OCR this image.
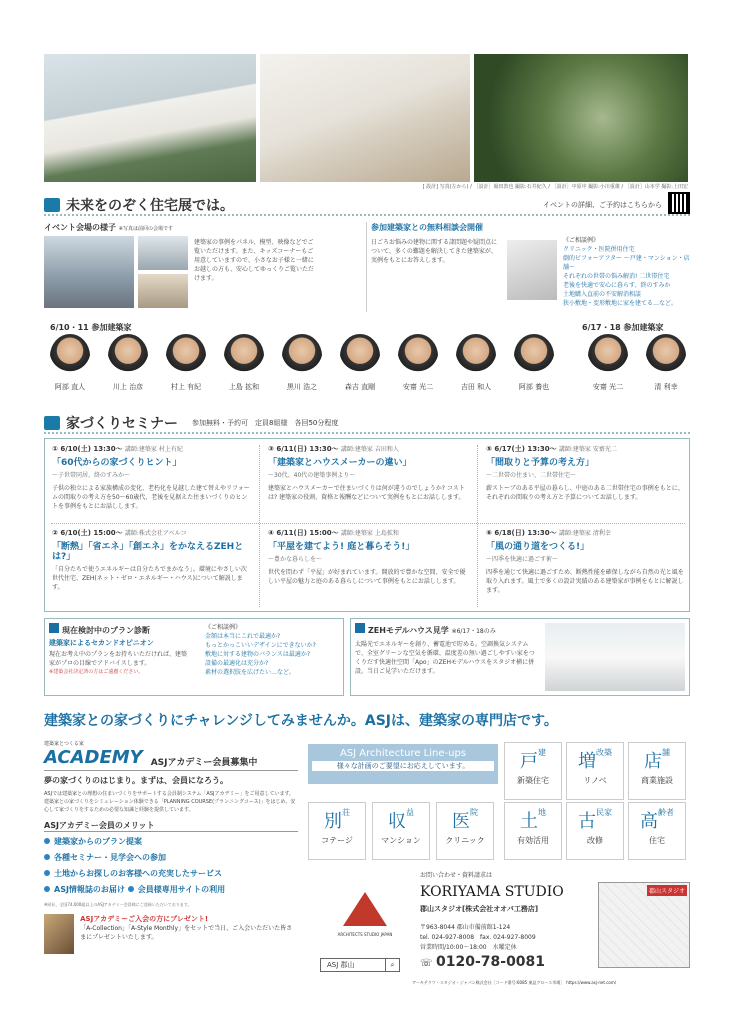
[ 設計] 写真(左から) / ［設計］堀田敦也 撮影:石井紀久 / ［設計］中原中 撮影:小川重雄 / ［設計］山本学 撮影:上田宏
未来をのぞく住宅展では。	イベントの詳細、ご予約はこちらから
イベント会場の様子 ※写真は前回の会場です
建築家の事例をパネル、模型、映像などでご覧いただけます。また、キッズコーナーもご用意していますので、小さなお子様と一緒にお越しの方も、安心してゆっくりご覧いただけます。
参加建築家との無料相談会開催
日ごろお悩みの建物に関する諸問題や疑問点について、多くの難題を解決してきた建築家が、実例をもとにお答えします。
《ご相談例》
クリニック・医院併用住宅
劇的ビフォーアフター 〜戸建・マンション・店舗〜
それぞれの世帯の悩み解消! 二世帯住宅
老後を快適で安心に暮らす、終のすみか
土地購入直前の不安解消相談
狭小敷地・変形敷地に家を建てる…など。
6/10・11 参加建築家	6/17・18 参加建築家
阿部 直人	川上 治彦	村上 有紀	上島 拡和	黒川 浩之	森吉 直剛	安齋 光二	吉田 和人	阿部 養也	安齋 光二	清 利幸
家づくりセミナー 参加無料・予約可　定員8組様　各回50分程度
① 6/10(土) 13:30〜 講師:建築家 村上有紀
「60代からの家づくりヒント」
〜子世帯同居、終のすみか〜
子供の独立による家族構成の変化、老朽化を見越した建て替えやリフォームの間取りの考え方を50〜60歳代、老後を見据えた住まいづくりのヒントを事例をもとにお話しします。
③ 6/11(日) 13:30〜 講師:建築家 吉田和人
「建築家とハウスメーカーの違い」
〜30代、40代の建築事例より〜
建築家とハウスメーカーで住まいづくりは何が違うのでしょうか? コストは? 建築家の役割、資格と報酬などについて実例をもとにお話しします。
⑤ 6/17(土) 13:30〜 講師:建築家 安齋光二
「間取りと予算の考え方」
〜二世帯の住まい、二世帯住宅〜
薪ストーブのある平屋の暮らし、中庭のある二世帯住宅の事例をもとに、それぞれの間取りの考え方と予算についてお話しします。
② 6/10(土) 15:00〜 講師:株式会社アベルコ
「断熱」「省エネ」「創エネ」をかなえるZEHとは?」
「自分たちで使うエネルギーは自分たちでまかなう」。環境にやさしい次世代住宅、ZEH(ネット・ゼロ・エネルギー・ハウス)について解説します。
④ 6/11(日) 15:00〜 講師:建築家 上島拡和
「平屋を建てよう! 庭と暮らそう!」
〜豊かな暮らしを〜
世代を問わず「平屋」が好まれています。開放的で豊かな空間、安全で優しい平屋の魅力と庭のある暮らしについて事例をもとにお話しします。
⑥ 6/18(日) 13:30〜 講師:建築家 清利幸
「風の通り道をつくる!」
〜四季を快適に過ごす術〜
四季を通じて快適に過ごすため、断熱性能を確保しながら自然の光と風を取り入れます。風土で多くの設計実績のある建築家が事例をもとに解説します。
現在検討中のプラン診断
建築家によるセカンドオピニオン
現在お考え中のプランをお持ちいただければ、建築家がプロの目線でアドバイスします。
※建築会社決定済の方はご遠慮ください。
《ご相談例》
金額は本当にこれで最適か?
もっとかっこいいデザインにできないか?
敷地に対する建物のバランスは最適か?
設備の最適化は充分か?
素材の選択肢を広げたい…など。
ZEHモデルハウス見学 ※6/17・18のみ
太陽光でエネルギーを創り、蓄電池で貯める。空調換気システムで、全室グリーンな空気を循環、温度差の無い過ごしやすい家をつくりだす快適住空間「Apo」のZEHモデルハウスをスタジオ横に併設。当日ご見学いただけます。
建築家との家づくりにチャレンジしてみませんか。ASJは、建築家の専門店です。
建築家とつくる家
ACADEMY ASJアカデミー会員募集中
夢の家づくりのはじまり。まずは、会員になろう。
ASJでは建築家との理想の住まいづくりをサポートする会員制システム「ASJアカデミー」をご用意しています。建築家との家づくりをシミュレーション体験できる「PLANNING COURSE(プランニングコース)」をはじめ、安心して家づくりをするための必要な知識と経験を提供しています。
ASJアカデミー会員のメリット
建築家からのプラン提案
各種セミナー・見学会への参加
土地からお探しのお客様への充実したサービス
ASJ情報誌のお届け 会員様専用サイトの利用
※同社、全国74,000組以上のASJアカデミー会員様にご登録いただいております。
ASJアカデミーご入会の方にプレゼント!
「A-Collection」「A-Style Monthly」をセットで当日、ご入会いただいた皆さまにプレゼントいたします。
ASJ Architecture Line-ups
様々な計画のご要望にお応えしています。	戸$^建$
新築住宅
増$^{改築}$
リノベ
店$^舗$
商業施設
別$^荘$
コテージ
収$^益$
マンション
医$^院$
クリニック
土$^地$
有効活用
古$^{民家}$
改修
高$^{齢者}$
住宅
お問い合わせ・資料請求は
ARCHITECTS STUDIO JAPAN
ASJ 郡山	⌕
KORIYAMA STUDIO
郡山スタジオ[株式会社オオバ工務店]
〒963-8044 郡山市備前館1-124
tel. 024-927-8008　fax. 024-927-8009
営業時間/10:00〜18:00　水曜定休
☏ 0120-78-0081
郡山スタジオ
アーキテクツ・スタジオ・ジャパン株式会社［コード番号:6085 東証グロース市場］　https://www.asj-net.com/
